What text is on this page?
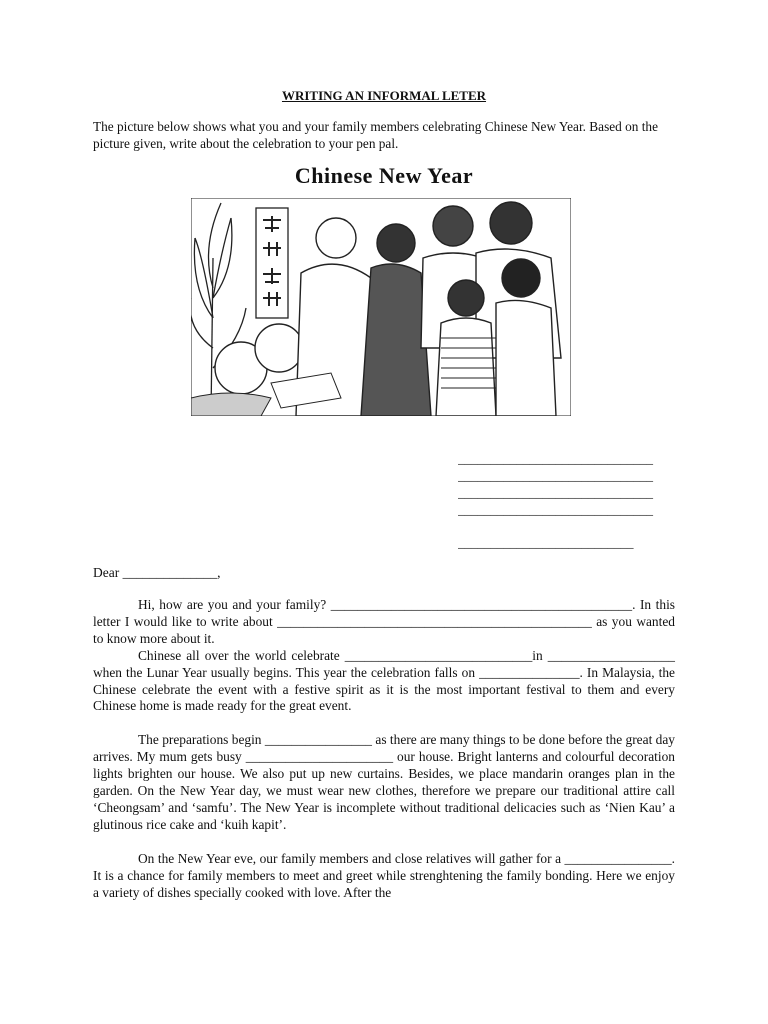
WRITING AN INFORMAL LETER
The picture below shows what you and your family members celebrating Chinese New Year. Based on the picture given, write about the celebration to your pen pal.
Chinese New Year
______________________________
______________________________
______________________________
______________________________
___________________________
Dear ______________,

Hi, how are you and your family? _____________________________________________. In this letter I would like to write about _______________________________________________ as you wanted to know more about it.

Chinese all over the world celebrate ____________________________in ___________________ when the Lunar Year usually begins. This year the celebration falls on _______________. In Malaysia, the Chinese celebrate the event with a festive spirit as it is the most important festival to them and every Chinese home is made ready for the great event.

The preparations begin ________________ as there are many things to be done before the great day arrives. My mum gets busy ______________________ our house. Bright lanterns and colourful decoration lights brighten our house. We also put up new curtains. Besides, we place mandarin oranges plan in the garden. On the New Year day, we must wear new clothes, therefore we prepare our traditional attire call ‘Cheongsam’ and ‘samfu’. The New Year is incomplete without traditional delicacies such as ‘Nien Kau’ a glutinous rice cake and ‘kuih kapit’.

On the New Year eve, our family members and close relatives will gather for a ________________. It is a chance for family members to meet and greet while strenghtening the family bonding. Here we enjoy a variety of dishes specially cooked with love. After the
